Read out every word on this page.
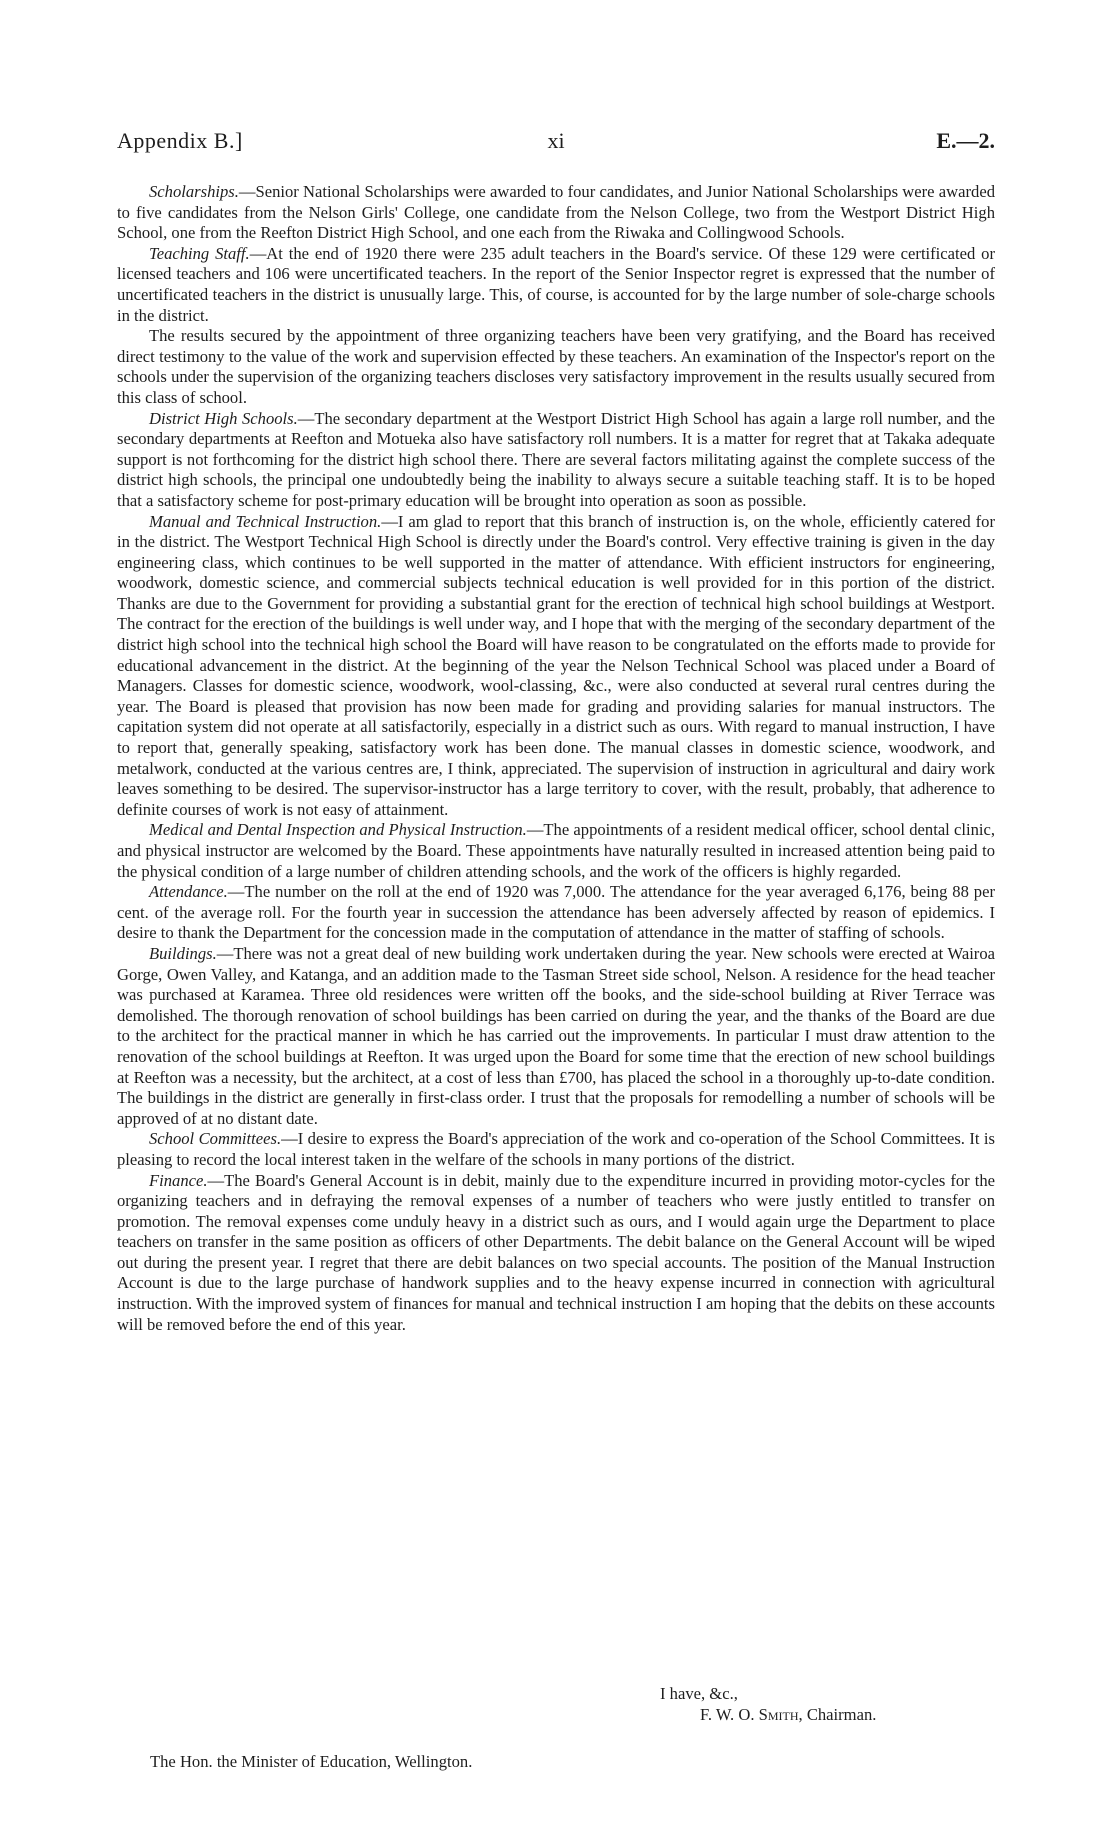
Appendix B.]	xi	E.—2.

Scholarships.—Senior National Scholarships were awarded to four candidates, and Junior National Scholarships were awarded to five candidates from the Nelson Girls' College, one candidate from the Nelson College, two from the Westport District High School, one from the Reefton District High School, and one each from the Riwaka and Collingwood Schools.

Teaching Staff.—At the end of 1920 there were 235 adult teachers in the Board's service. Of these 129 were certificated or licensed teachers and 106 were uncertificated teachers. In the report of the Senior Inspector regret is expressed that the number of uncertificated teachers in the district is unusually large. This, of course, is accounted for by the large number of sole-charge schools in the district.

The results secured by the appointment of three organizing teachers have been very gratifying, and the Board has received direct testimony to the value of the work and supervision effected by these teachers. An examination of the Inspector's report on the schools under the supervision of the organizing teachers discloses very satisfactory improvement in the results usually secured from this class of school.

District High Schools.—The secondary department at the Westport District High School has again a large roll number, and the secondary departments at Reefton and Motueka also have satisfactory roll numbers. It is a matter for regret that at Takaka adequate support is not forthcoming for the district high school there. There are several factors militating against the complete success of the district high schools, the principal one undoubtedly being the inability to always secure a suitable teaching staff. It is to be hoped that a satisfactory scheme for post-primary education will be brought into operation as soon as possible.

Manual and Technical Instruction.—I am glad to report that this branch of instruction is, on the whole, efficiently catered for in the district. The Westport Technical High School is directly under the Board's control. Very effective training is given in the day engineering class, which continues to be well supported in the matter of attendance. With efficient instructors for engineering, woodwork, domestic science, and commercial subjects technical education is well provided for in this portion of the district. Thanks are due to the Government for providing a substantial grant for the erection of technical high school buildings at Westport. The contract for the erection of the buildings is well under way, and I hope that with the merging of the secondary department of the district high school into the technical high school the Board will have reason to be congratulated on the efforts made to provide for educational advancement in the district. At the beginning of the year the Nelson Technical School was placed under a Board of Managers. Classes for domestic science, woodwork, wool-classing, &c., were also conducted at several rural centres during the year. The Board is pleased that provision has now been made for grading and providing salaries for manual instructors. The capitation system did not operate at all satisfactorily, especially in a district such as ours. With regard to manual instruction, I have to report that, generally speaking, satisfactory work has been done. The manual classes in domestic science, woodwork, and metalwork, conducted at the various centres are, I think, appreciated. The supervision of instruction in agricultural and dairy work leaves something to be desired. The supervisor-instructor has a large territory to cover, with the result, probably, that adherence to definite courses of work is not easy of attainment.

Medical and Dental Inspection and Physical Instruction.—The appointments of a resident medical officer, school dental clinic, and physical instructor are welcomed by the Board. These appointments have naturally resulted in increased attention being paid to the physical condition of a large number of children attending schools, and the work of the officers is highly regarded.

Attendance.—The number on the roll at the end of 1920 was 7,000. The attendance for the year averaged 6,176, being 88 per cent. of the average roll. For the fourth year in succession the attendance has been adversely affected by reason of epidemics. I desire to thank the Department for the concession made in the computation of attendance in the matter of staffing of schools.

Buildings.—There was not a great deal of new building work undertaken during the year. New schools were erected at Wairoa Gorge, Owen Valley, and Katanga, and an addition made to the Tasman Street side school, Nelson. A residence for the head teacher was purchased at Karamea. Three old residences were written off the books, and the side-school building at River Terrace was demolished. The thorough renovation of school buildings has been carried on during the year, and the thanks of the Board are due to the architect for the practical manner in which he has carried out the improvements. In particular I must draw attention to the renovation of the school buildings at Reefton. It was urged upon the Board for some time that the erection of new school buildings at Reefton was a necessity, but the architect, at a cost of less than £700, has placed the school in a thoroughly up-to-date condition. The buildings in the district are generally in first-class order. I trust that the proposals for remodelling a number of schools will be approved of at no distant date.

School Committees.—I desire to express the Board's appreciation of the work and co-operation of the School Committees. It is pleasing to record the local interest taken in the welfare of the schools in many portions of the district.

Finance.—The Board's General Account is in debit, mainly due to the expenditure incurred in providing motor-cycles for the organizing teachers and in defraying the removal expenses of a number of teachers who were justly entitled to transfer on promotion. The removal expenses come unduly heavy in a district such as ours, and I would again urge the Department to place teachers on transfer in the same position as officers of other Departments. The debit balance on the General Account will be wiped out during the present year. I regret that there are debit balances on two special accounts. The position of the Manual Instruction Account is due to the large purchase of handwork supplies and to the heavy expense incurred in connection with agricultural instruction. With the improved system of finances for manual and technical instruction I am hoping that the debits on these accounts will be removed before the end of this year.

I have, &c.,
F. W. O. Smith, Chairman.
The Hon. the Minister of Education, Wellington.
